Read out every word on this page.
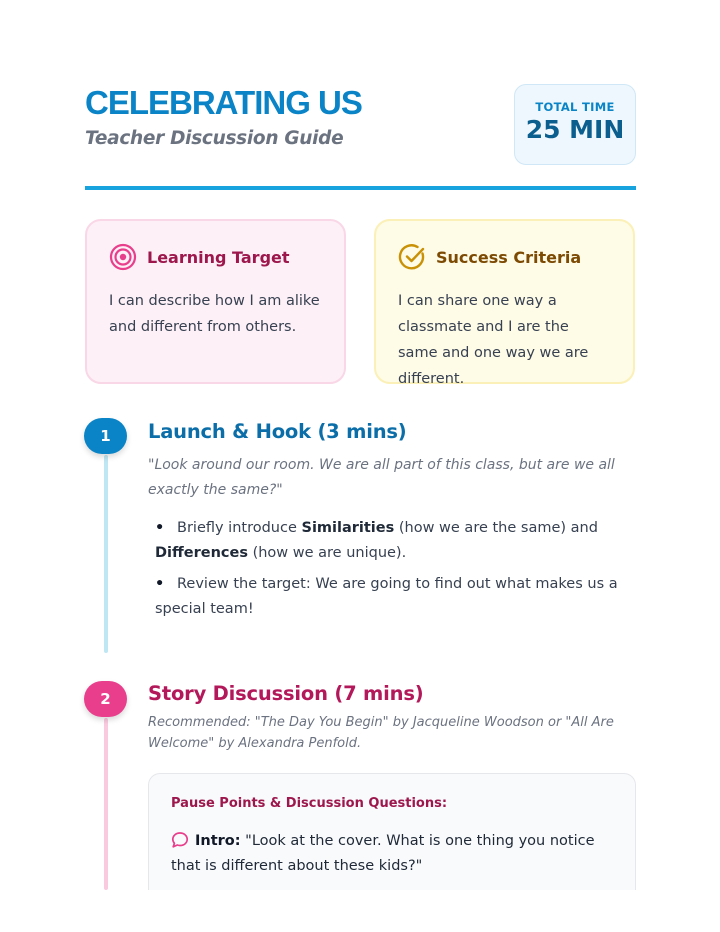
CELEBRATING US
Teacher Discussion Guide
TOTAL TIME
25 MIN
Learning Target
I can describe how I am alike and different from others.
Success Criteria
I can share one way a classmate and I are the same and one way we are different.
1
2
Launch & Hook (3 mins)
"Look around our room. We are all part of this class, but are we all exactly the same?"
• Briefly introduce Similarities (how we are the same) and Differences (how we are unique).
• Review the target: We are going to find out what makes us a special team!
Story Discussion (7 mins)
Recommended: "The Day You Begin" by Jacqueline Woodson or "All Are Welcome" by Alexandra Penfold.
Pause Points & Discussion Questions:
Intro: "Look at the cover. What is one thing you notice that is different about these kids?"
